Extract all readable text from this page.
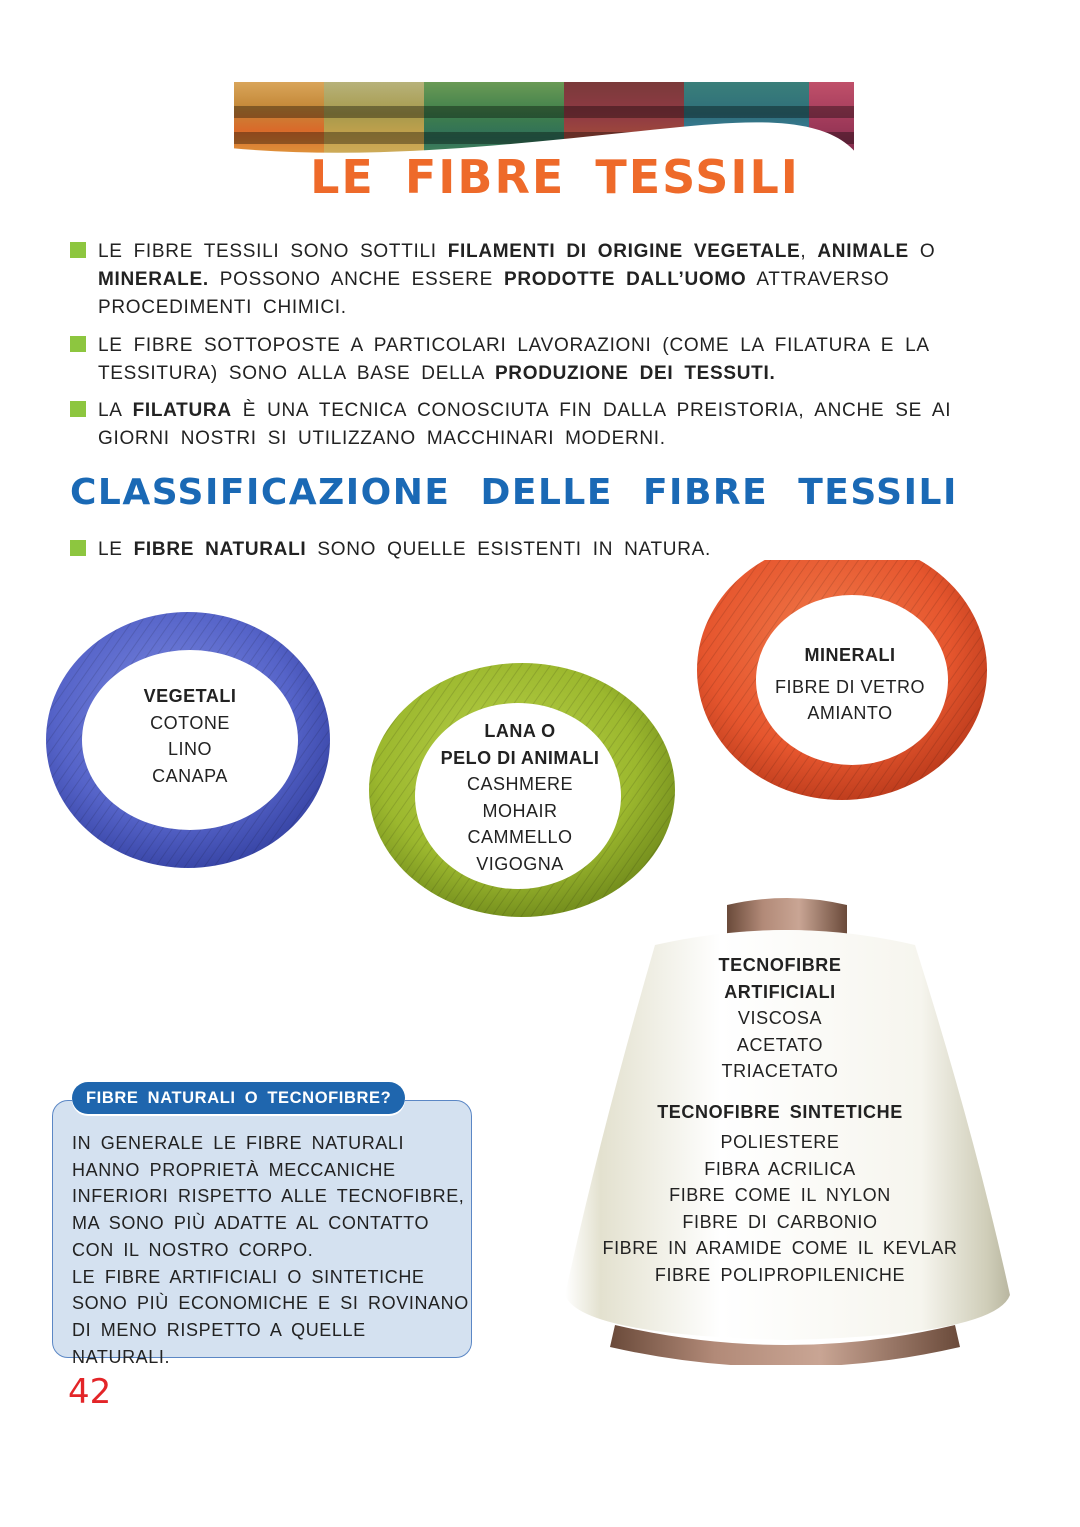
LE FIBRE TESSILI
LE FIBRE TESSILI SONO SOTTILI FILAMENTI DI ORIGINE VEGETALE, ANIMALE O MINERALE. POSSONO ANCHE ESSERE PRODOTTE DALL’UOMO ATTRAVERSO PROCEDIMENTI CHIMICI.
LE FIBRE SOTTOPOSTE A PARTICOLARI LAVORAZIONI (COME LA FILATURA E LA TESSITURA) SONO ALLA BASE DELLA PRODUZIONE DEI TESSUTI.
LA FILATURA È UNA TECNICA CONOSCIUTA FIN DALLA PREISTORIA, ANCHE SE AI GIORNI NOSTRI SI UTILIZZANO MACCHINARI MODERNI.
CLASSIFICAZIONE DELLE FIBRE TESSILI
LE FIBRE NATURALI SONO QUELLE ESISTENTI IN NATURA.
VEGETALI
COTONE
LINO
CANAPA
LANA O
PELO DI ANIMALI
CASHMERE
MOHAIR
CAMMELLO
VIGOGNA
MINERALI
FIBRE DI VETRO
AMIANTO
TECNOFIBRE
ARTIFICIALI
VISCOSA
ACETATO
TRIACETATO
TECNOFIBRE SINTETICHE
POLIESTERE
FIBRA ACRILICA
FIBRE COME IL NYLON
FIBRE DI CARBONIO
FIBRE IN ARAMIDE COME IL KEVLAR
FIBRE POLIPROPILENICHE
FIBRE NATURALI O TECNOFIBRE?
IN GENERALE LE FIBRE NATURALI
HANNO PROPRIETÀ MECCANICHE
INFERIORI RISPETTO ALLE TECNOFIBRE,
MA SONO PIÙ ADATTE AL CONTATTO
CON IL NOSTRO CORPO.
LE FIBRE ARTIFICIALI O SINTETICHE
SONO PIÙ ECONOMICHE E SI ROVINANO
DI MENO RISPETTO A QUELLE NATURALI.
42
